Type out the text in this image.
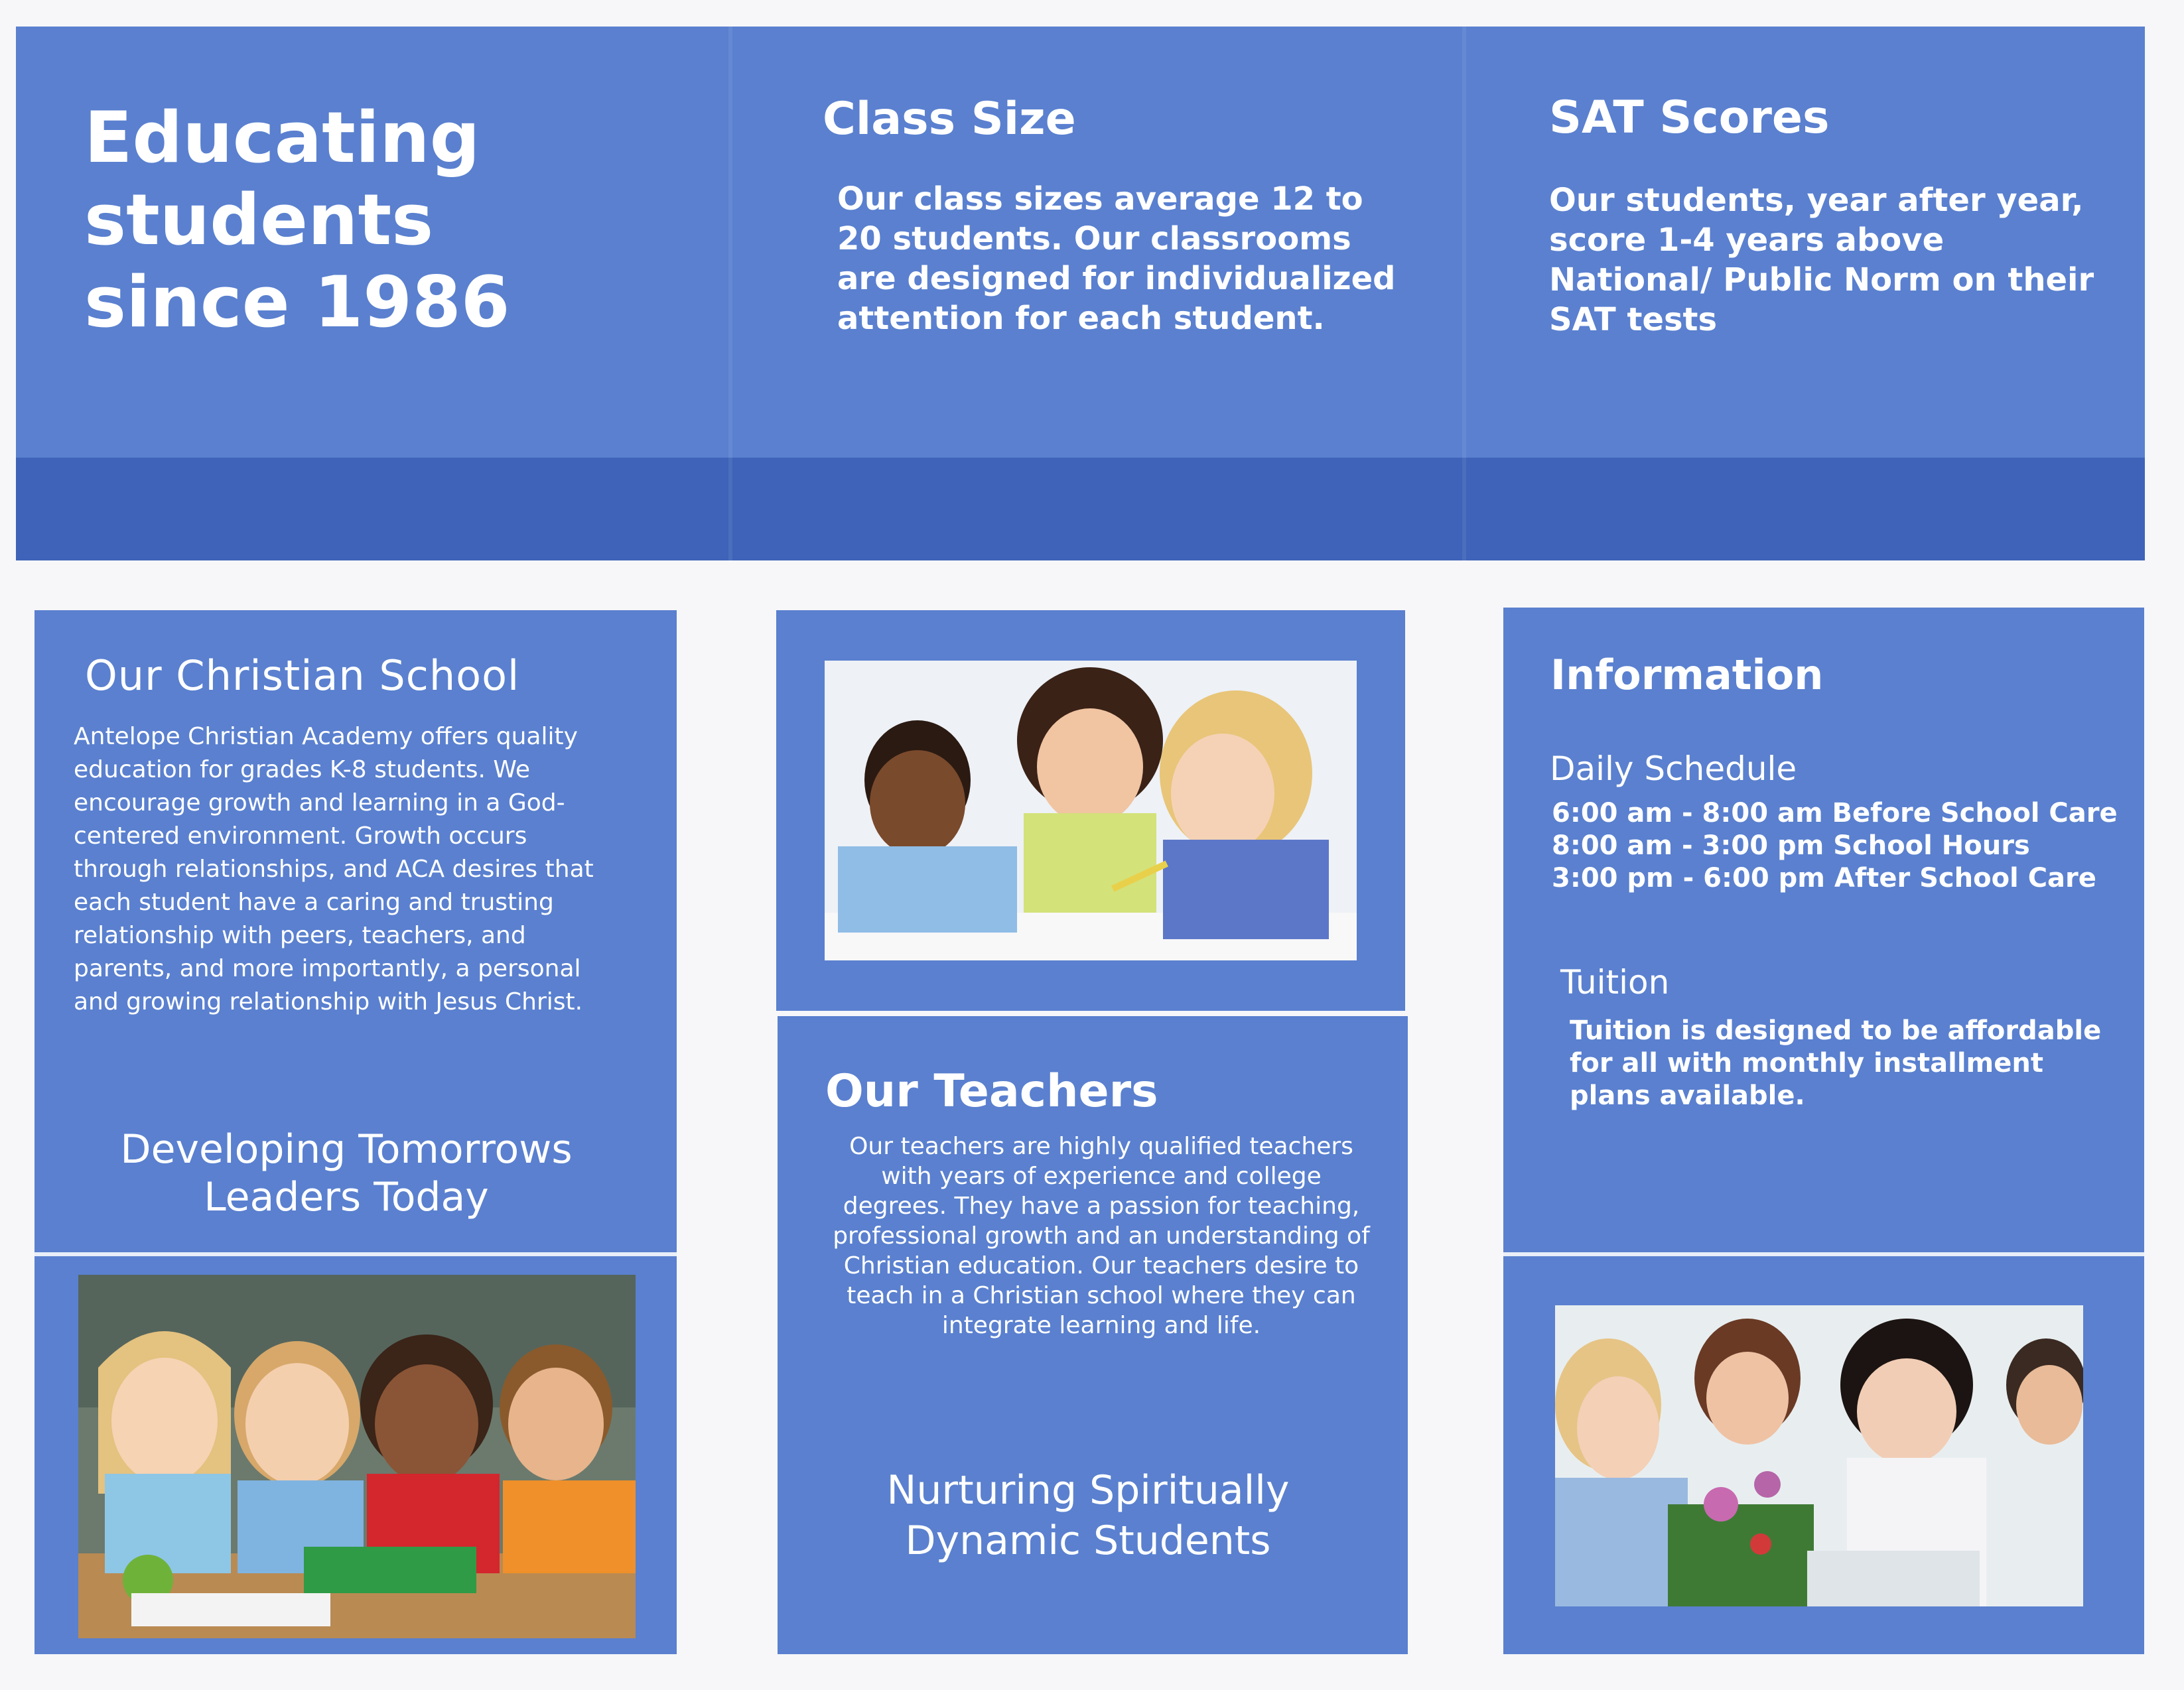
Educating students since 1986
Class Size
Our class sizes average 12 to 20 students. Our classrooms are designed for individualized attention for each student.
SAT Scores
Our students, year after year, score 1-4 years above National/ Public Norm on their SAT tests
Our Christian School
Antelope Christian Academy offers quality education for grades K-8 students. We encourage growth and learning in a God-centered environment. Growth occurs through relationships, and ACA desires that each student have a caring and trusting relationship with peers, teachers, and parents, and more importantly, a personal and growing relationship with Jesus Christ.
Developing Tomorrows
Leaders Today
Our Teachers
Our teachers are highly qualified teachers with years of experience and college degrees. They have a passion for teaching, professional growth and an understanding of Christian education. Our teachers desire to teach in a Christian school where they can integrate learning and life.
Nurturing Spiritually
Dynamic Students
Information
Daily Schedule
6:00 am - 8:00 am Before School Care
8:00 am - 3:00 pm School Hours
3:00 pm - 6:00 pm After School Care
Tuition
Tuition is designed to be affordable for all with monthly installment plans available.
